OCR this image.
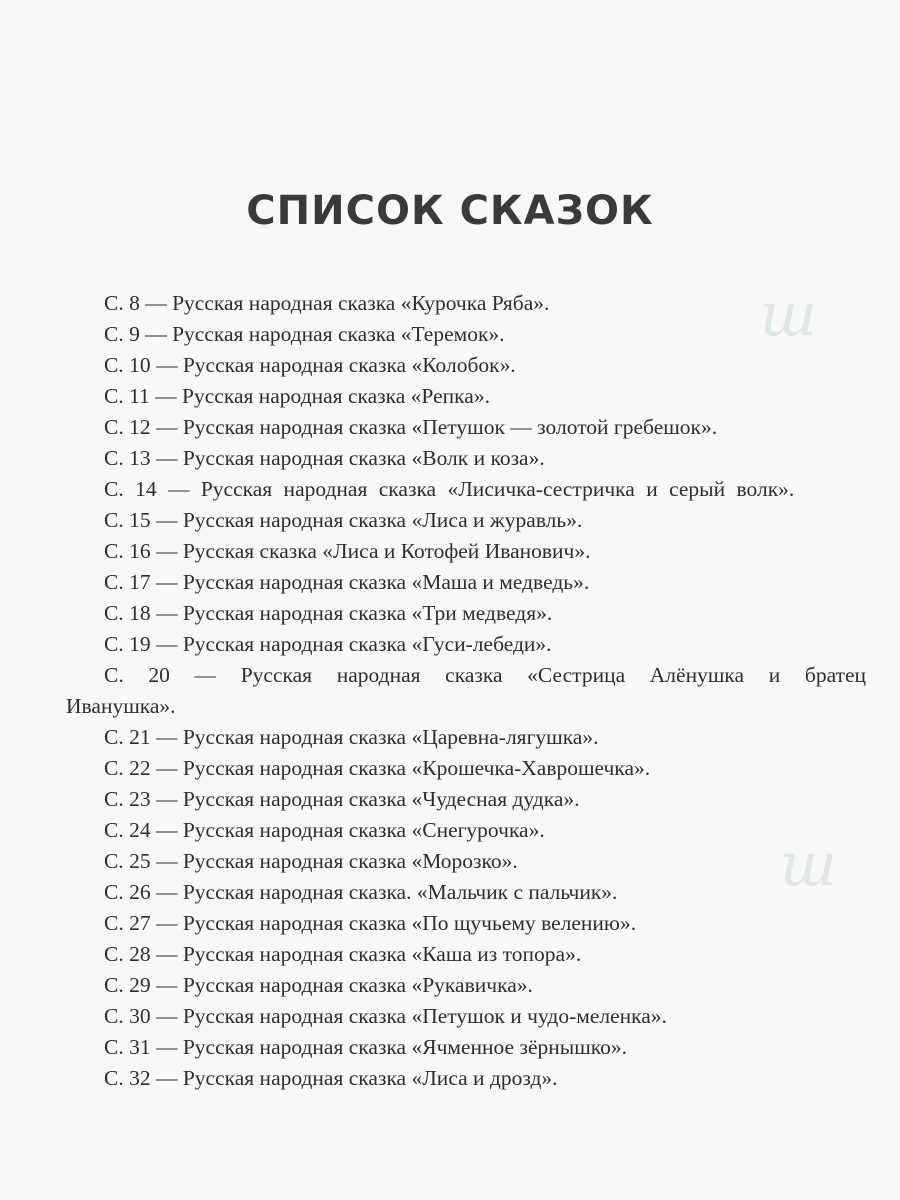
ш
ш
СПИСОК СКАЗОК
С. 8 — Русская народная сказка «Курочка Ряба».
С. 9 — Русская народная сказка «Теремок».
С. 10 — Русская народная сказка «Колобок».
С. 11 — Русская народная сказка «Репка».
С. 12 — Русская народная сказка «Петушок — золотой гребешок».
С. 13 — Русская народная сказка «Волк и коза».
С. 14 — Русская народная сказка «Лисичка-сестричка и серый волк».
С. 15 — Русская народная сказка «Лиса и журавль».
С. 16 — Русская сказка «Лиса и Котофей Иванович».
С. 17 — Русская народная сказка «Маша и медведь».
С. 18 — Русская народная сказка «Три медведя».
С. 19 — Русская народная сказка «Гуси-лебеди».
С. 20 — Русская народная сказка «Сестрица Алёнушка и братец Иванушка».
С. 21 — Русская народная сказка «Царевна-лягушка».
С. 22 — Русская народная сказка «Крошечка-Хаврошечка».
С. 23 — Русская народная сказка «Чудесная дудка».
С. 24 — Русская народная сказка «Снегурочка».
С. 25 — Русская народная сказка «Морозко».
С. 26 — Русская народная сказка. «Мальчик с пальчик».
С. 27 — Русская народная сказка «По щучьему велению».
С. 28 — Русская народная сказка «Каша из топора».
С. 29 — Русская народная сказка «Рукавичка».
С. 30 — Русская народная сказка «Петушок и чудо-меленка».
С. 31 — Русская народная сказка «Ячменное зёрнышко».
С. 32 — Русская народная сказка «Лиса и дрозд».
